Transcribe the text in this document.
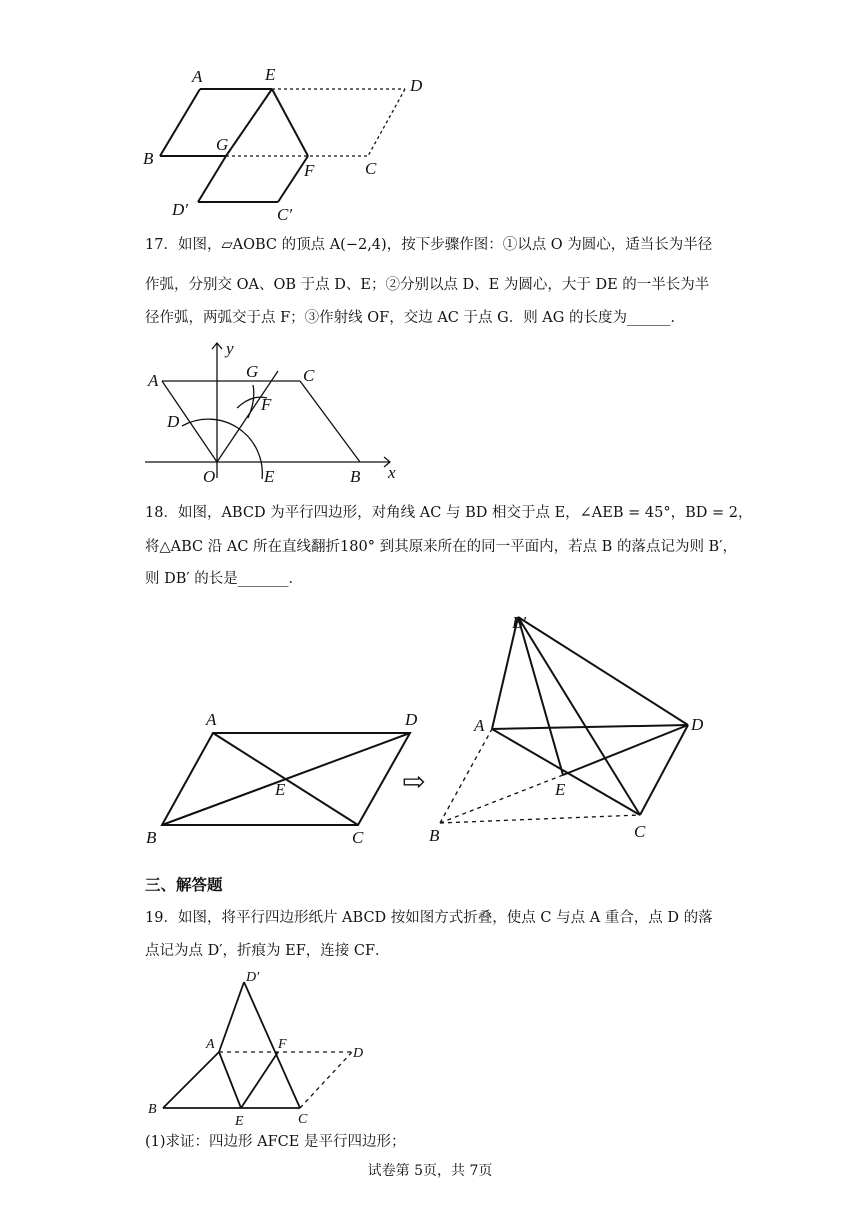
A	E
D
B
G
F	C
D′	C′
17．如图，▱AOBC 的顶点 A(−2,4)，按下步骤作图：①以点 O 为圆心，适当长为半径
作弧，分别交 OA、OB 于点 D、E；②分别以点 D、E 为圆心，大于 DE 的一半长为半
径作弧，两弧交于点 F；③作射线 OF，交边 AC 于点 G．则 AG 的长度为______．
x
y
A	G	C
D
F
O	E	B
18．如图，ABCD 为平行四边形，对角线 AC 与 BD 相交于点 E，∠AEB = 45°，BD = 2，
将△ABC 沿 AC 所在直线翻折180° 到其原来所在的同一平面内，若点 B 的落点记为则 B′，
则 DB′ 的长是_______．
⇨
A	D
E
B	C
B′
A	D
E
B	C
三、解答题
19．如图，将平行四边形纸片 ABCD 按如图方式折叠，使点 C 与点 A 重合，点 D 的落
点记为点 D′，折痕为 EF，连接 CF．
D′
A	F
D
B
E	C
(1)求证：四边形 AFCE 是平行四边形；
试卷第 5页，共 7页
